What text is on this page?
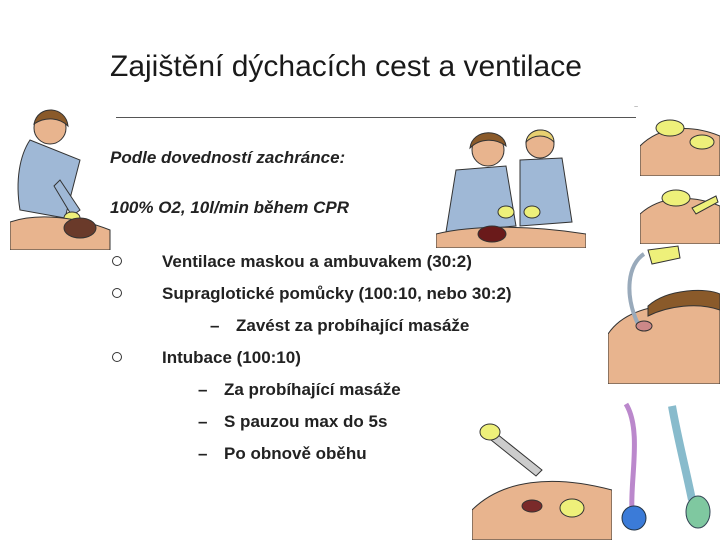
Zajištění dýchacích cest a ventilace
~
Podle dovedností zachránce:
100% O2, 10l/min během CPR
Ventilace maskou a ambuvakem (30:2)
Supraglotické pomůcky (100:10, nebo 30:2)
– Zavést za probíhající masáže
Intubace (100:10)
– Za probíhající masáže
– S pauzou max do 5s
– Po obnově oběhu
